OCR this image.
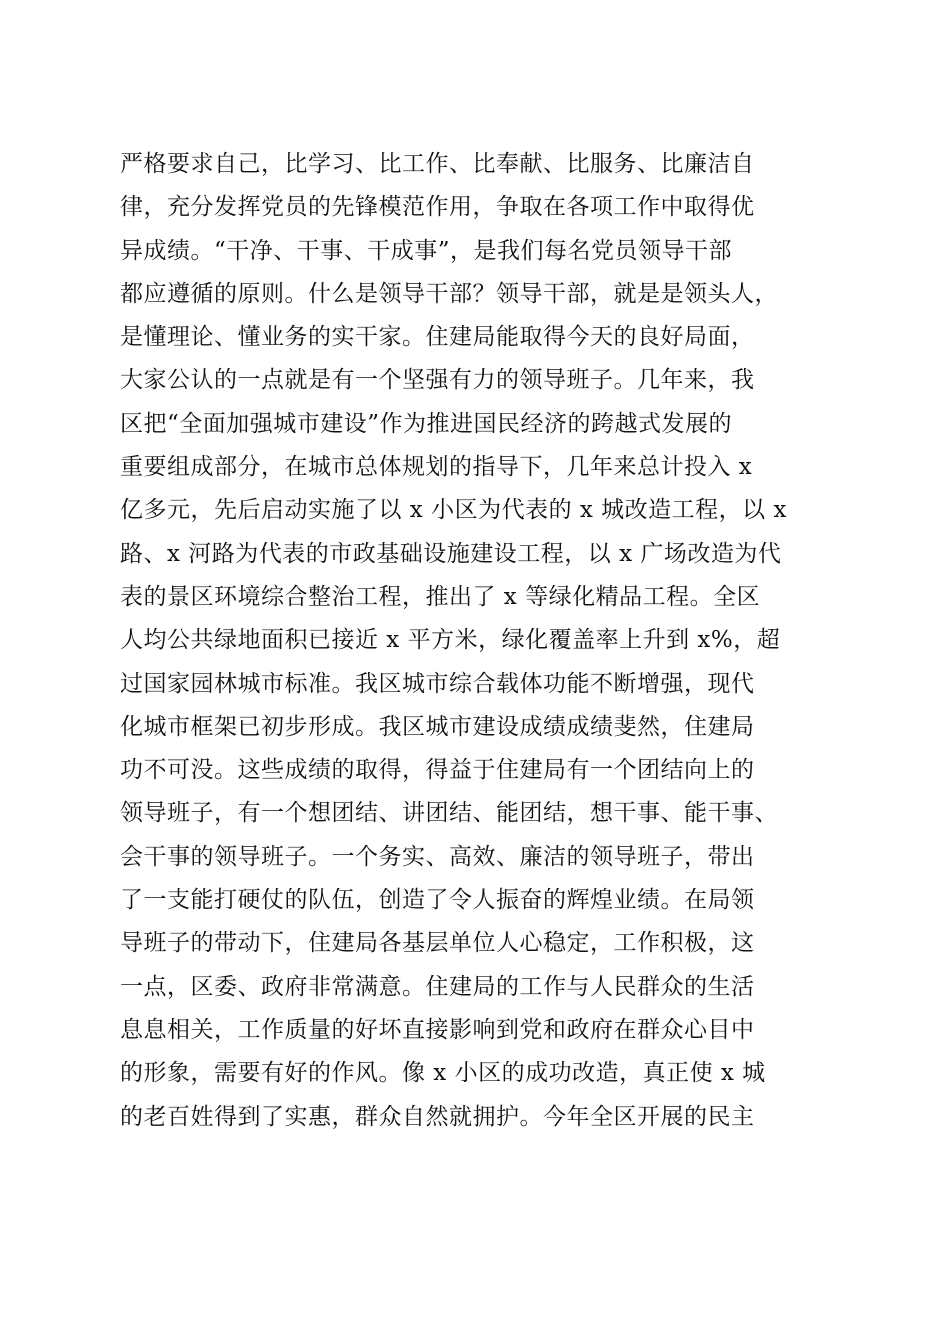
严格要求自己，比学习、比工作、比奉献、比服务、比廉洁自
律，充分发挥党员的先锋模范作用，争取在各项工作中取得优
异成绩。“干净、干事、干成事”，是我们每名党员领导干部
都应遵循的原则。什么是领导干部？领导干部，就是是领头人，
是懂理论、懂业务的实干家。住建局能取得今天的良好局面，
大家公认的一点就是有一个坚强有力的领导班子。几年来，我
区把“全面加强城市建设”作为推进国民经济的跨越式发展的
重要组成部分，在城市总体规划的指导下，几年来总计投入 x
亿多元，先后启动实施了以 x 小区为代表的 x 城改造工程，以 x
路、x 河路为代表的市政基础设施建设工程，以 x 广场改造为代
表的景区环境综合整治工程，推出了 x 等绿化精品工程。全区
人均公共绿地面积已接近 x 平方米，绿化覆盖率上升到 x%，超
过国家园林城市标准。我区城市综合载体功能不断增强，现代
化城市框架已初步形成。我区城市建设成绩成绩斐然，住建局
功不可没。这些成绩的取得，得益于住建局有一个团结向上的
领导班子，有一个想团结、讲团结、能团结，想干事、能干事、
会干事的领导班子。一个务实、高效、廉洁的领导班子，带出
了一支能打硬仗的队伍，创造了令人振奋的辉煌业绩。在局领
导班子的带动下，住建局各基层单位人心稳定，工作积极，这
一点，区委、政府非常满意。住建局的工作与人民群众的生活
息息相关，工作质量的好坏直接影响到党和政府在群众心目中
的形象，需要有好的作风。像 x 小区的成功改造，真正使 x 城
的老百姓得到了实惠，群众自然就拥护。今年全区开展的民主
